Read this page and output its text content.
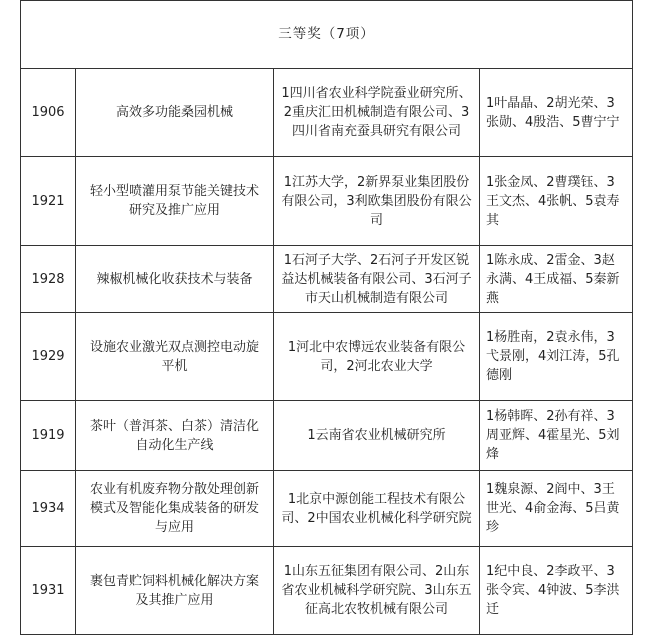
三等奖（7项）			
1906	高效多功能桑园机械	1四川省农业科学院蚕业研究所、2重庆汇田机械制造有限公司、3四川省南充蚕具研究有限公司	1叶晶晶、2胡光荣、3张勋、4殷浩、5曹宁宁
1921	轻小型喷灌用泵节能关键技术研究及推广应用	1江苏大学，2新界泵业集团股份有限公司，3利欧集团股份有限公司	1张金凤、2曹璞钰、3王文杰、4张帆、5袁寿其
1928	辣椒机械化收获技术与装备	1石河子大学、2石河子开发区锐益达机械装备有限公司、3石河子市天山机械制造有限公司	1陈永成、2雷金、3赵永满、4王成福、5秦新燕
1929	设施农业激光双点测控电动旋平机	1河北中农博远农业装备有限公司，2河北农业大学	1杨胜南，2袁永伟，3弋景刚，4刘江涛，5孔德刚
1919	茶叶（普洱茶、白茶）清洁化自动化生产线	1云南省农业机械研究所	1杨韩晖、2孙有祥、3周亚辉、4霍星光、5刘烽
1934	农业有机废弃物分散处理创新模式及智能化集成装备的研发与应用	1北京中源创能工程技术有限公司、2中国农业机械化科学研究院	1魏泉源、2阎中、3王世光、4俞金海、5吕黄珍
1931	裹包青贮饲料机械化解决方案及其推广应用	1山东五征集团有限公司、2山东省农业机械科学研究院、3山东五征高北农牧机械有限公司	1纪中良、2李政平、3张令宾、4钟波、5李洪迁
